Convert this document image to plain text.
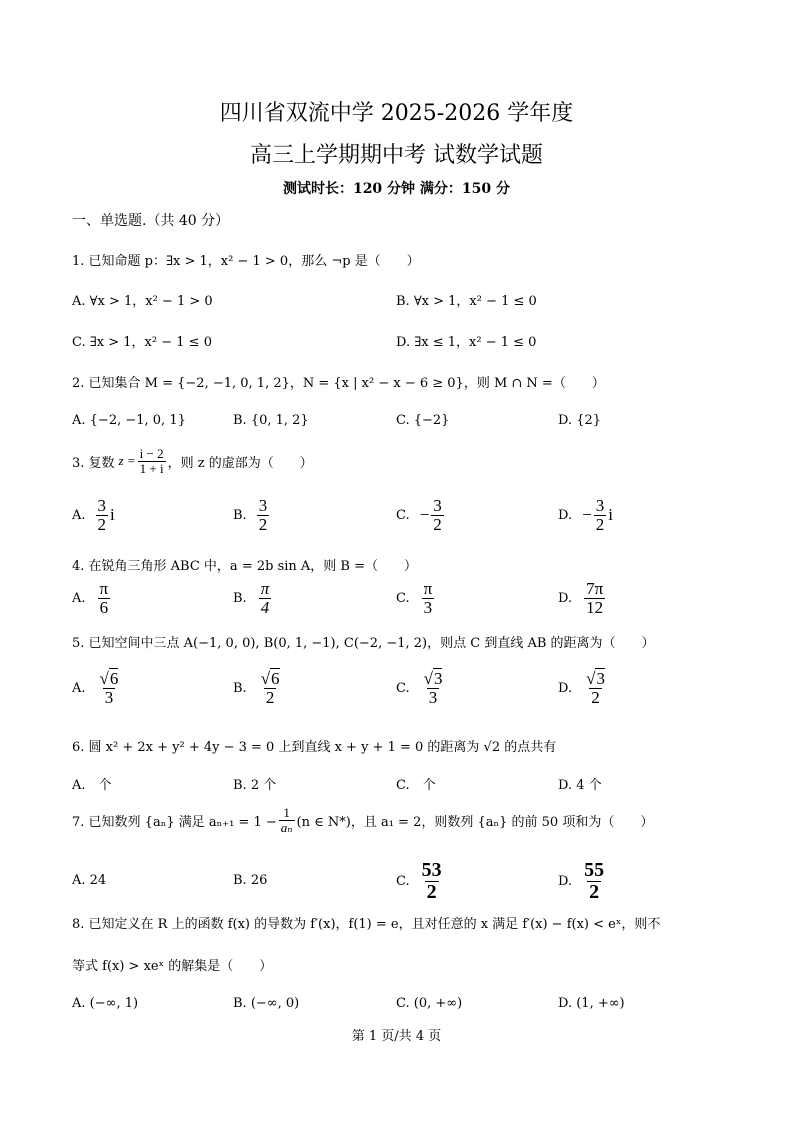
四川省双流中学 2025-2026 学年度
高三上学期期中考 试数学试题
测试时长：120 分钟 满分：150 分
一、单选题.（共 40 分）
1. 已知命题 p：∃x > 1，x² − 1 > 0，那么 ¬p 是（　　）
A. ∀x > 1，x² − 1 > 0	B. ∀x > 1，x² − 1 ≤ 0
C. ∃x > 1，x² − 1 ≤ 0	D. ∃x ≤ 1，x² − 1 ≤ 0
2. 已知集合 M = {−2, −1, 0, 1, 2}，N = {x | x² − x − 6 ≥ 0}，则 M ∩ N =（　　）
A. {−2, −1, 0, 1}	B. {0, 1, 2}	C. {−2}	D. {2}
3. 复数 $z = \frac{i - 2}{1 + i}$ ，则 z 的虚部为（　　）
A. $\frac{3}{2}$ i	B. $\frac{3}{2}$	C. − $\frac{3}{2}$	D. − $\frac{3}{2}$ i
4. 在锐角三角形 ABC 中，a = 2b sin A，则 B =（　　）
A. $\frac{\pi}{6}$	B. $\frac{\pi}{4}$	C. $\frac{\pi}{3}$	D. $\frac{7\pi}{12}$
5. 已知空间中三点 A(−1, 0, 0), B(0, 1, −1), C(−2, −1, 2)，则点 C 到直线 AB 的距离为（　　）
A. $\frac{√6}{3}$	B. $\frac{√6}{2}$	C. $\frac{√3}{3}$	D. $\frac{√3}{2}$
6. 圆 x² + 2x + y² + 4y − 3 = 0 上到直线 x + y + 1 = 0 的距离为 √2 的点共有
A.　个	B. 2 个	C.　个	D. 4 个
7. 已知数列 {aₙ} 满足 $a_{n+1} = 1 - \frac{1}{\text{aₙ}} (n$ ∈ N*)，且 a₁ = 2，则数列 {aₙ} 的前 50 项和为（　　）
A. 24	B. 26	C. $\frac{53}{2}$	D. $\frac{55}{2}$
8. 已知定义在 R 上的函数 f(x) 的导数为 f′(x)，f(1) = e，且对任意的 x 满足 f′(x) − f(x) < eˣ，则不
等式 f(x) > xeˣ 的解集是（　　）
A. (−∞, 1)	B. (−∞, 0)	C. (0, +∞)	D. (1, +∞)
第 1 页/共 4 页
